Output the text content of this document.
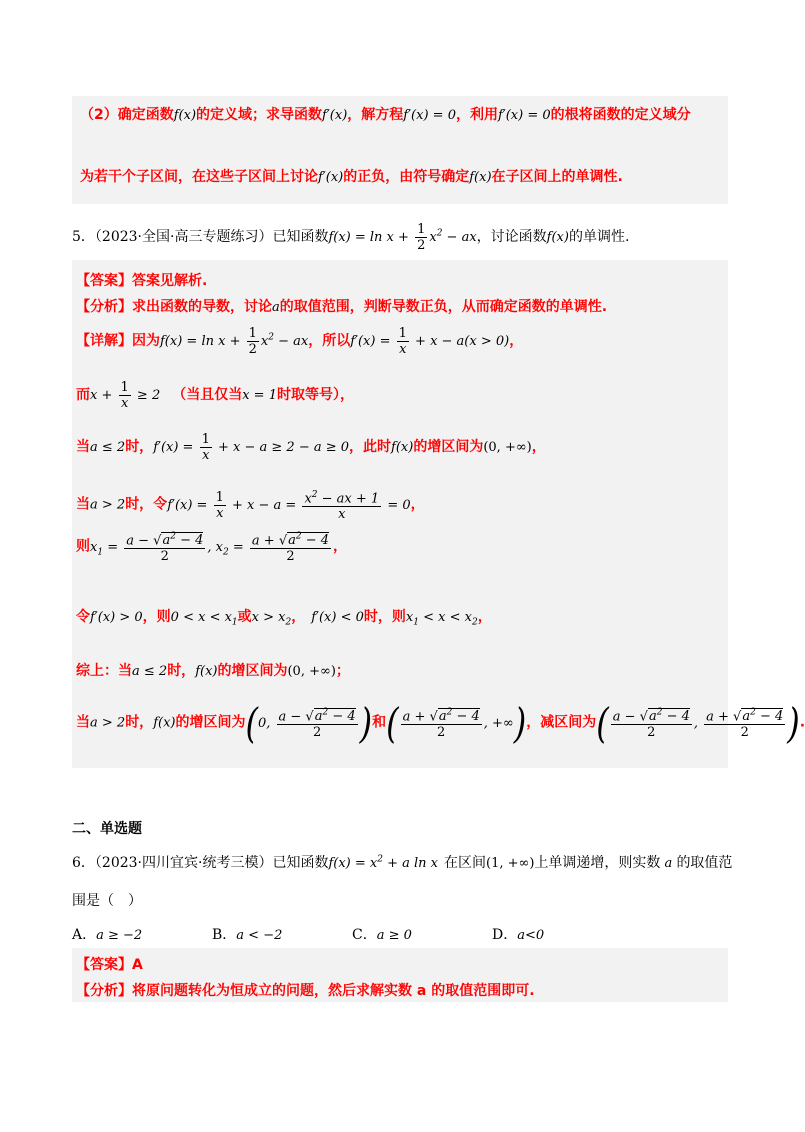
（2）确定函数f(x)的定义域；求导函数f′(x)，解方程f′(x) = 0，利用f′(x) = 0的根将函数的定义域分
为若干个子区间，在这些子区间上讨论f′(x)的正负，由符号确定f(x)在子区间上的单调性.
5．（2023·全国·高三专题练习）已知函数$f(x) = \ln x + \frac{1}{2} x^2$ − ax，讨论函数f(x)的单调性.
【答案】答案见解析.
【分析】求出函数的导数，讨论a的取值范围，判断导数正负，从而确定函数的单调性.
【详解】因为$f(x) = \ln x + \frac{1}{2} x^2$ − ax，所以$f'(x) = \frac{1}{x} + x - a(x > 0)$，
而$x + \frac{1}{x} \ge 2$ （当且仅当x = 1时取等号），
当a ≤ 2时，$f'(x) = \frac{1}{x} + x - a \ge 2 - a \ge 0$，此时f(x)的增区间为(0, +∞)，
当a > 2时，令$f'(x) = \frac{1}{x} + x - a = \frac{x^2 - ax + 1}{x} = 0$，
则$x_1 = \frac{a - √a^2 - 4}{2}$ , $x_2 = \frac{a + √a^2 - 4}{2}$ ，
令f′(x) > 0，则$0 < x < x_1$或$x > x_2$， f′(x) < 0时，则$x_1 < x < x_2$，
综上：当a ≤ 2时，f(x)的增区间为(0, +∞)；
当a > 2时，f(x)的增区间为(0, $\frac{a - √a^2 - 4}{2}$ )和( $\frac{a + √a^2 - 4}{2}$ , +∞)，减区间为( $\frac{a - √a^2 - 4}{2}$ , $\frac{a + √a^2 - 4}{2}$ ).
二、单选题
6．（2023·四川宜宾·统考三模）已知函数$f(x) = x^2 + a$ ln x 在区间(1, +∞)上单调递增，则实数 a 的取值范
围是（　）
A．a ≥ −2	B．a < −2	C．a ≥ 0	D．a<0
【答案】A
【分析】将原问题转化为恒成立的问题，然后求解实数 a 的取值范围即可.
